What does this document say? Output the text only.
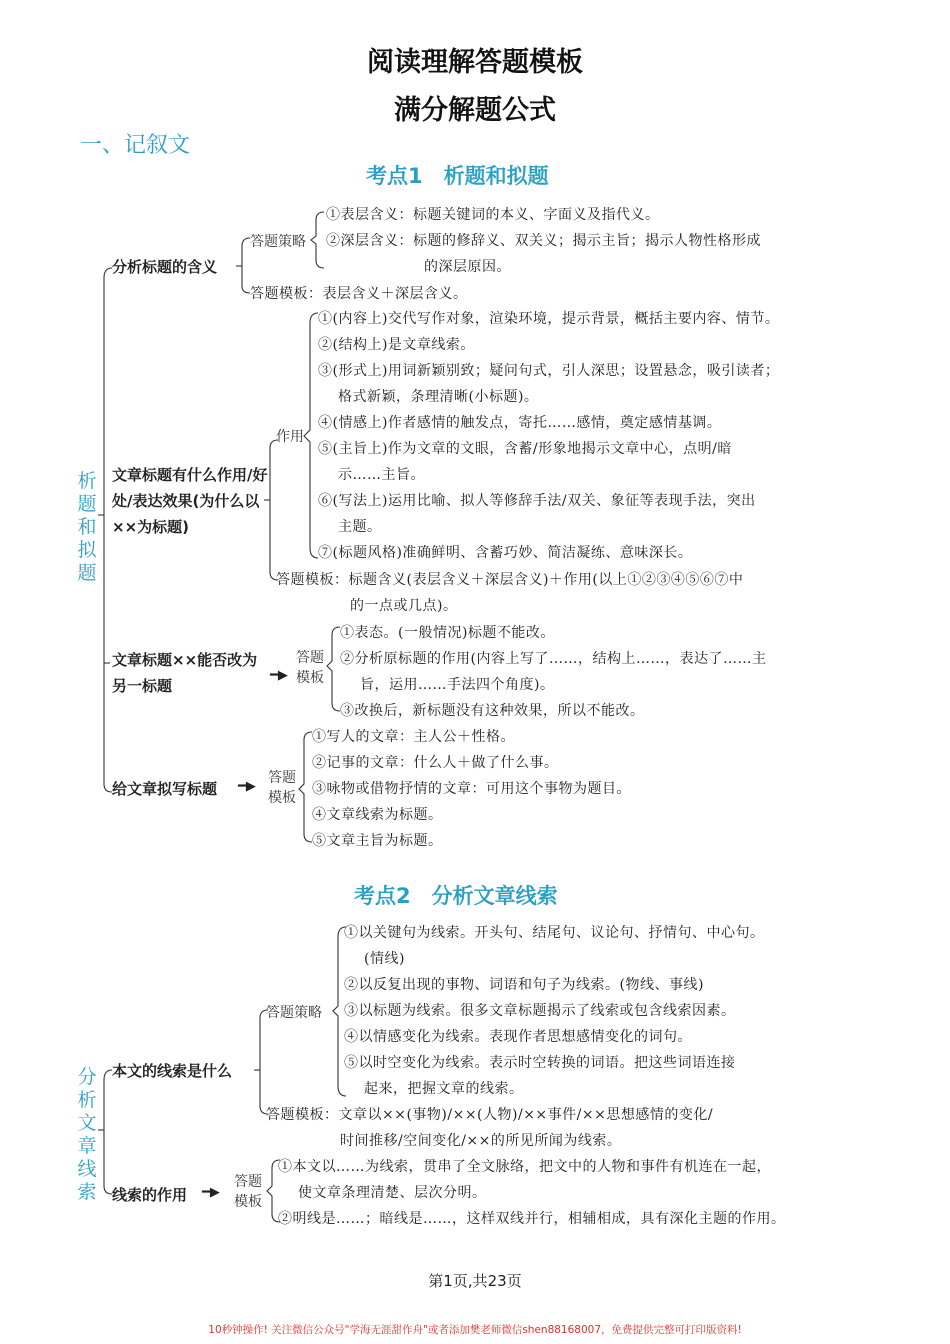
阅读理解答题模板
满分解题公式
一、记叙文
考点1　析题和拟题
析题和拟题
分析标题的含义
答题策略
①表层含义：标题关键词的本义、字面义及指代义。
②深层含义：标题的修辞义、双关义；揭示主旨；揭示人物性格形成
的深层原因。
答题模板：表层含义＋深层含义。
文章标题有什么作用/好处/表达效果(为什么以××为标题)
作用
①(内容上)交代写作对象，渲染环境，提示背景，概括主要内容、情节。
②(结构上)是文章线索。
③(形式上)用词新颖别致；疑问句式，引人深思；设置悬念，吸引读者；
格式新颖，条理清晰(小标题)。
④(情感上)作者感情的触发点，寄托……感情，奠定感情基调。
⑤(主旨上)作为文章的文眼，含蓄/形象地揭示文章中心，点明/暗
示……主旨。
⑥(写法上)运用比喻、拟人等修辞手法/双关、象征等表现手法，突出
主题。
⑦(标题风格)准确鲜明、含蓄巧妙、简洁凝练、意味深长。
答题模板：标题含义(表层含义＋深层含义)＋作用(以上①②③④⑤⑥⑦中
的一点或几点)。
文章标题××能否改为另一标题
━▶
答题模板
①表态。(一般情况)标题不能改。
②分析原标题的作用(内容上写了……，结构上……，表达了……主
旨，运用……手法四个角度)。
③改换后，新标题没有这种效果，所以不能改。
给文章拟写标题 ━▶
答题模板
①写人的文章：主人公＋性格。
②记事的文章：什么人＋做了什么事。
③咏物或借物抒情的文章：可用这个事物为题目。
④文章线索为标题。
⑤文章主旨为标题。
考点2　分析文章线索
分析文章线索
本文的线索是什么
答题策略
①以关键句为线索。开头句、结尾句、议论句、抒情句、中心句。
(情线)
②以反复出现的事物、词语和句子为线索。(物线、事线)
③以标题为线索。很多文章标题揭示了线索或包含线索因素。
④以情感变化为线索。表现作者思想感情变化的词句。
⑤以时空变化为线索。表示时空转换的词语。把这些词语连接
起来，把握文章的线索。
答题模板：文章以××(事物)/××(人物)/××事件/××思想感情的变化/
时间推移/空间变化/××的所见所闻为线索。
线索的作用 ━▶
答题模板
①本文以……为线索，贯串了全文脉络，把文中的人物和事件有机连在一起，
使文章条理清楚、层次分明。
②明线是……；暗线是……，这样双线并行，相辅相成，具有深化主题的作用。
第1页,共23页
10秒钟操作! 关注微信公众号"学海无涯甜作舟"或者添加樊老师微信shen88168007，免费提供完整可打印版资料!
